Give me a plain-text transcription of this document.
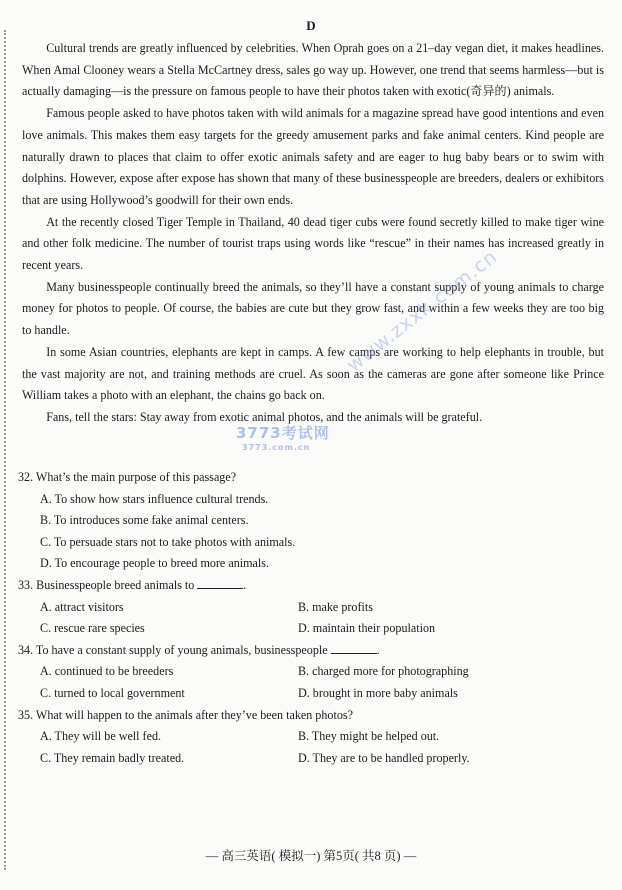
D

Cultural trends are greatly influenced by celebrities. When Oprah goes on a 21–day vegan diet, it makes headlines. When Amal Clooney wears a Stella McCartney dress, sales go way up. However, one trend that seems harmless—but is actually damaging—is the pressure on famous people to have their photos taken with exotic(奇异的) animals.

Famous people asked to have photos taken with wild animals for a magazine spread have good intentions and even love animals. This makes them easy targets for the greedy amusement parks and fake animal centers. Kind people are naturally drawn to places that claim to offer exotic animals safety and are eager to hug baby bears or to swim with dolphins. However, expose after expose has shown that many of these businesspeople are breeders, dealers or exhibitors that are using Hollywood’s goodwill for their own ends.

At the recently closed Tiger Temple in Thailand, 40 dead tiger cubs were found secretly killed to make tiger wine and other folk medicine. The number of tourist traps using words like “rescue” in their names has increased greatly in recent years.

Many businesspeople continually breed the animals, so they’ll have a constant supply of young animals to charge money for photos to people. Of course, the babies are cute but they grow fast, and within a few weeks they are too big to handle.

In some Asian countries, elephants are kept in camps. A few camps are working to help elephants in trouble, but the vast majority are not, and training methods are cruel. As soon as the cameras are gone after someone like Prince William takes a photo with an elephant, the chains go back on.

Fans, tell the stars: Stay away from exotic animal photos, and the animals will be grateful.

32. What’s the main purpose of this passage?

A. To show how stars influence cultural trends.
B. To introduces some fake animal centers.
C. To persuade stars not to take photos with animals.
D. To encourage people to breed more animals.

33. Businesspeople breed animals to	.

A. attract visitors	B. make profits
C. rescue rare species	D. maintain their population

34. To have a constant supply of young animals, businesspeople	.

A. continued to be breeders	B. charged more for photographing
C. turned to local government	D. brought in more baby animals

35. What will happen to the animals after they’ve been taken photos?

A. They will be well fed.	B. They might be helped out.
C. They remain badly treated.	D. They are to be handled properly.
3773考试网
3773.com.cn
www.zxxk.com.cn
— 高三英语( 模拟一) 第5页( 共8 页) —
